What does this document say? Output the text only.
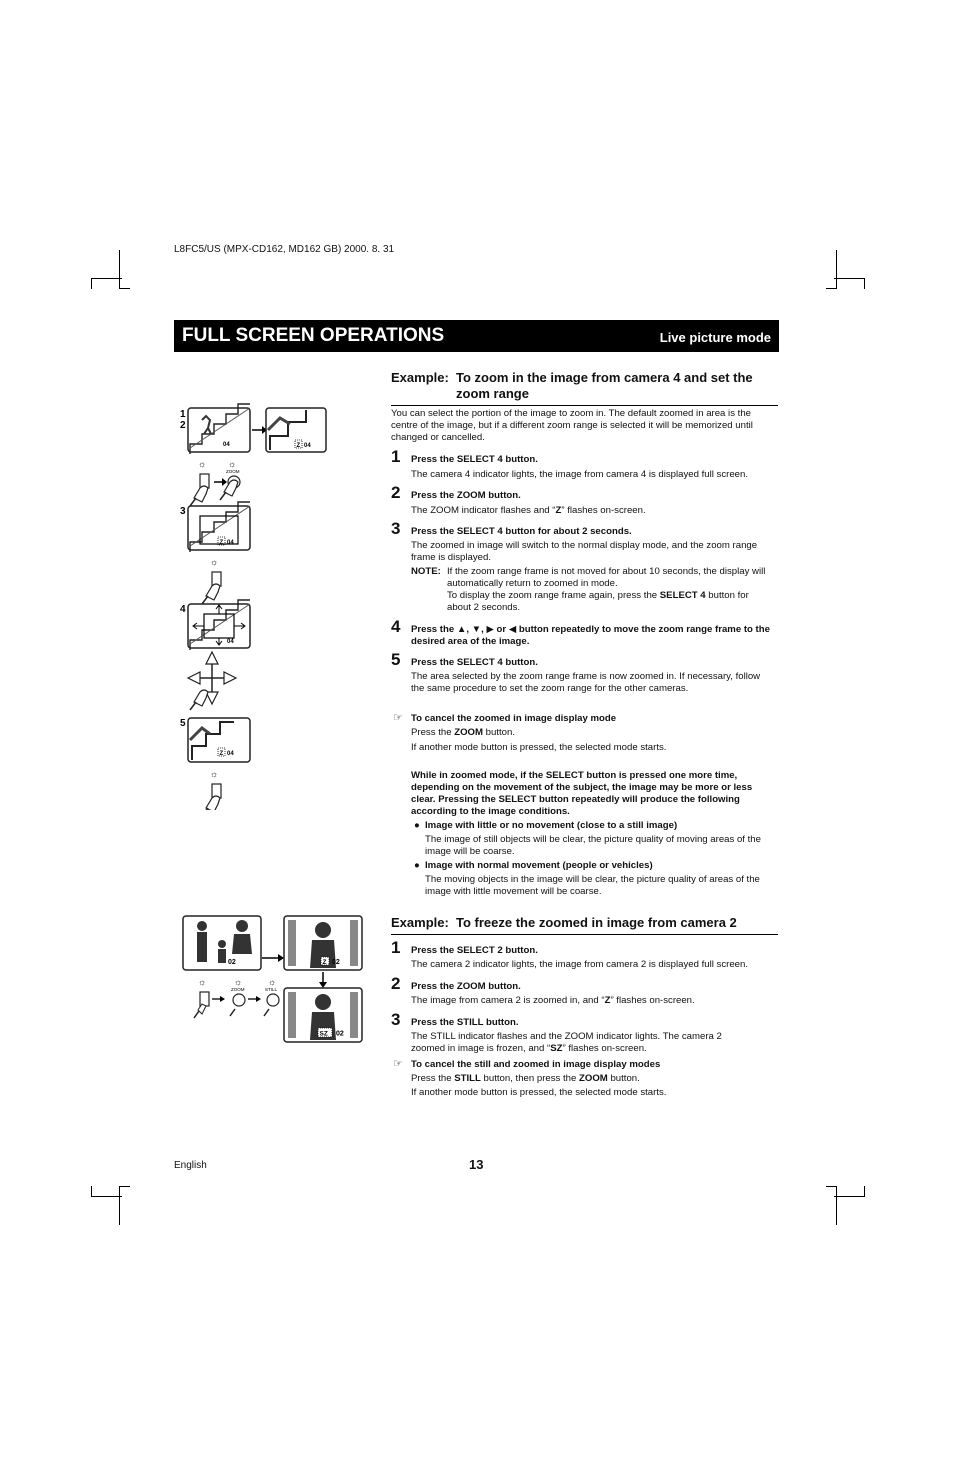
L8FC5/US (MPX-CD162, MD162 GB) 2000. 8. 31
FULL SCREEN OPERATIONS	Live picture mode
Example: To zoom in the image from camera 4 and set the zoom range
You can select the portion of the image to zoom in. The default zoomed in area is the centre of the image, but if a different zoom range is selected it will be memorized until changed or cancelled.
1 Press the SELECT 4 button.
The camera 4 indicator lights, the image from camera 4 is displayed full screen.
2 Press the ZOOM button.
The ZOOM indicator flashes and “Z” flashes on-screen.
3 Press the SELECT 4 button for about 2 seconds.
The zoomed in image will switch to the normal display mode, and the zoom range frame is displayed.
NOTE: If the zoom range frame is not moved for about 10 seconds, the display will automatically return to zoomed in mode.
To display the zoom range frame again, press the SELECT 4 button for about 2 seconds.
4 Press the ▲, ▼, ▶ or ◀ button repeatedly to move the zoom range frame to the desired area of the image.
5 Press the SELECT 4 button.
The area selected by the zoom range frame is now zoomed in. If necessary, follow the same procedure to set the zoom range for the other cameras.
☞ To cancel the zoomed in image display mode
Press the ZOOM button.
If another mode button is pressed, the selected mode starts.
While in zoomed mode, if the SELECT button is pressed one more time, depending on the movement of the subject, the image may be more or less clear. Pressing the SELECT button repeatedly will produce the following according to the image conditions.
● Image with little or no movement (close to a still image)
The image of still objects will be clear, the picture quality of moving areas of the image will be coarse.
● Image with normal movement (people or vehicles)
The moving objects in the image will be clear, the picture quality of areas of the image with little movement will be coarse.
Example: To freeze the zoomed in image from camera 2
1 Press the SELECT 2 button.
The camera 2 indicator lights, the image from camera 2 is displayed full screen.
2 Press the ZOOM button.
The image from camera 2 is zoomed in, and “Z” flashes on-screen.
3 Press the STILL button.
The STILL indicator flashes and the ZOOM indicator lights. The camera 2 zoomed in image is frozen, and “SZ” flashes on-screen.
☞ To cancel the still and zoomed in image display modes
Press the STILL button, then press the ZOOM button.
If another mode button is pressed, the selected mode starts.
1
2
04	Z 04
☼ ☼
ZOOM
3
Z 04
☼
4
04
5
Z 04
☼
02	Z 02
SZ 02
☼	☼
ZOOM
☼
STILL
English	13
